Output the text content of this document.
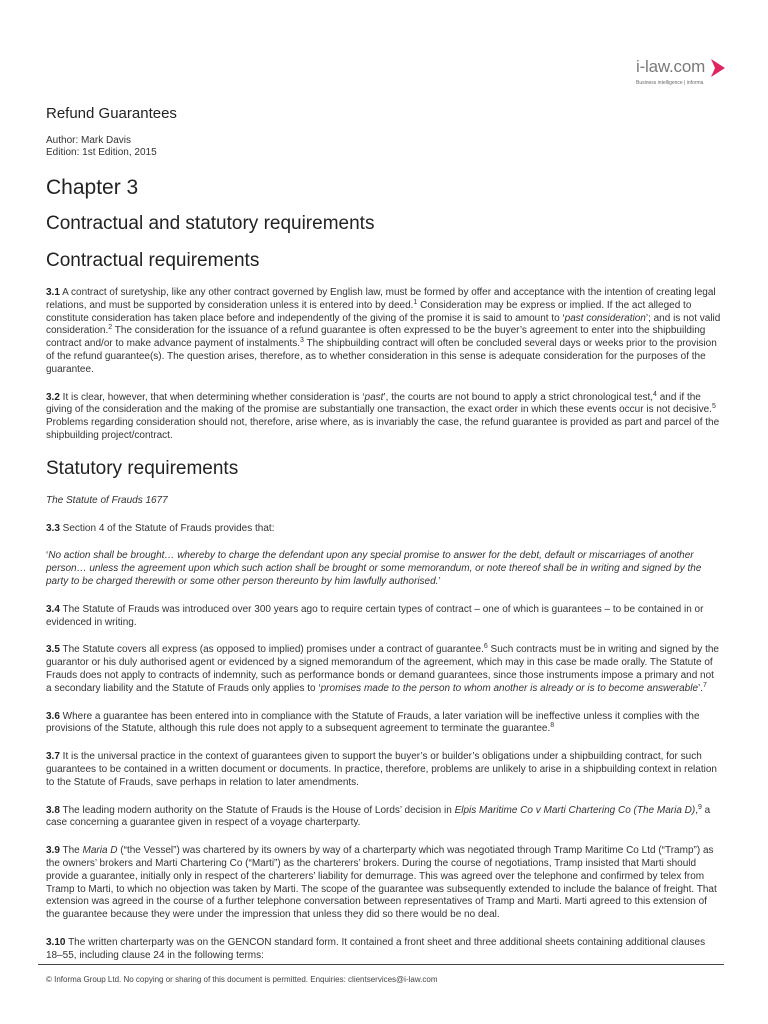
i-law.com
Business intelligence | informa
Refund Guarantees
Author: Mark Davis
Edition: 1st Edition, 2015
Chapter 3
Contractual and statutory requirements
Contractual requirements

3.1 A contract of suretyship, like any other contract governed by English law, must be formed by offer and acceptance with the intention of creating legal relations, and must be supported by consideration unless it is entered into by deed.$^1$ Consideration may be express or implied. If the act alleged to constitute consideration has taken place before and independently of the giving of the promise it is said to amount to ‘past consideration’; and is not valid consideration.$^2$ The consideration for the issuance of a refund guarantee is often expressed to be the buyer’s agreement to enter into the shipbuilding contract and/or to make advance payment of instalments.$^3$ The shipbuilding contract will often be concluded several days or weeks prior to the provision of the refund guarantee(s). The question arises, therefore, as to whether consideration in this sense is adequate consideration for the purposes of the guarantee.

3.2 It is clear, however, that when determining whether consideration is ‘past’, the courts are not bound to apply a strict chronological test,$^4$ and if the giving of the consideration and the making of the promise are substantially one transaction, the exact order in which these events occur is not decisive.$^5$ Problems regarding consideration should not, therefore, arise where, as is invariably the case, the refund guarantee is provided as part and parcel of the shipbuilding project/contract.

Statutory requirements

The Statute of Frauds 1677

3.3 Section 4 of the Statute of Frauds provides that:

‘No action shall be brought… whereby to charge the defendant upon any special promise to answer for the debt, default or miscarriages of another person… unless the agreement upon which such action shall be brought or some memorandum, or note thereof shall be in writing and signed by the party to be charged therewith or some other person thereunto by him lawfully authorised.’

3.4 The Statute of Frauds was introduced over 300 years ago to require certain types of contract – one of which is guarantees – to be contained in or evidenced in writing.

3.5 The Statute covers all express (as opposed to implied) promises under a contract of guarantee.$^6$ Such contracts must be in writing and signed by the guarantor or his duly authorised agent or evidenced by a signed memorandum of the agreement, which may in this case be made orally. The Statute of Frauds does not apply to contracts of indemnity, such as performance bonds or demand guarantees, since those instruments impose a primary and not a secondary liability and the Statute of Frauds only applies to ‘promises made to the person to whom another is already or is to become answerable’.$^7$

3.6 Where a guarantee has been entered into in compliance with the Statute of Frauds, a later variation will be ineffective unless it complies with the provisions of the Statute, although this rule does not apply to a subsequent agreement to terminate the guarantee.$^8$

3.7 It is the universal practice in the context of guarantees given to support the buyer’s or builder’s obligations under a shipbuilding contract, for such guarantees to be contained in a written document or documents. In practice, therefore, problems are unlikely to arise in a shipbuilding context in relation to the Statute of Frauds, save perhaps in relation to later amendments.

3.8 The leading modern authority on the Statute of Frauds is the House of Lords’ decision in Elpis Maritime Co v Marti Chartering Co (The Maria D),$^9$ a case concerning a guarantee given in respect of a voyage charterparty.

3.9 The Maria D (“the Vessel”) was chartered by its owners by way of a charterparty which was negotiated through Tramp Maritime Co Ltd (“Tramp”) as the owners’ brokers and Marti Chartering Co (“Marti”) as the charterers’ brokers. During the course of negotiations, Tramp insisted that Marti should provide a guarantee, initially only in respect of the charterers’ liability for demurrage. This was agreed over the telephone and confirmed by telex from Tramp to Marti, to which no objection was taken by Marti. The scope of the guarantee was subsequently extended to include the balance of freight. That extension was agreed in the course of a further telephone conversation between representatives of Tramp and Marti. Marti agreed to this extension of the guarantee because they were under the impression that unless they did so there would be no deal.

3.10 The written charterparty was on the GENCON standard form. It contained a front sheet and three additional sheets containing additional clauses 18–55, including clause 24 in the following terms:

© Informa Group Ltd. No copying or sharing of this document is permitted. Enquiries: clientservices@i-law.com
